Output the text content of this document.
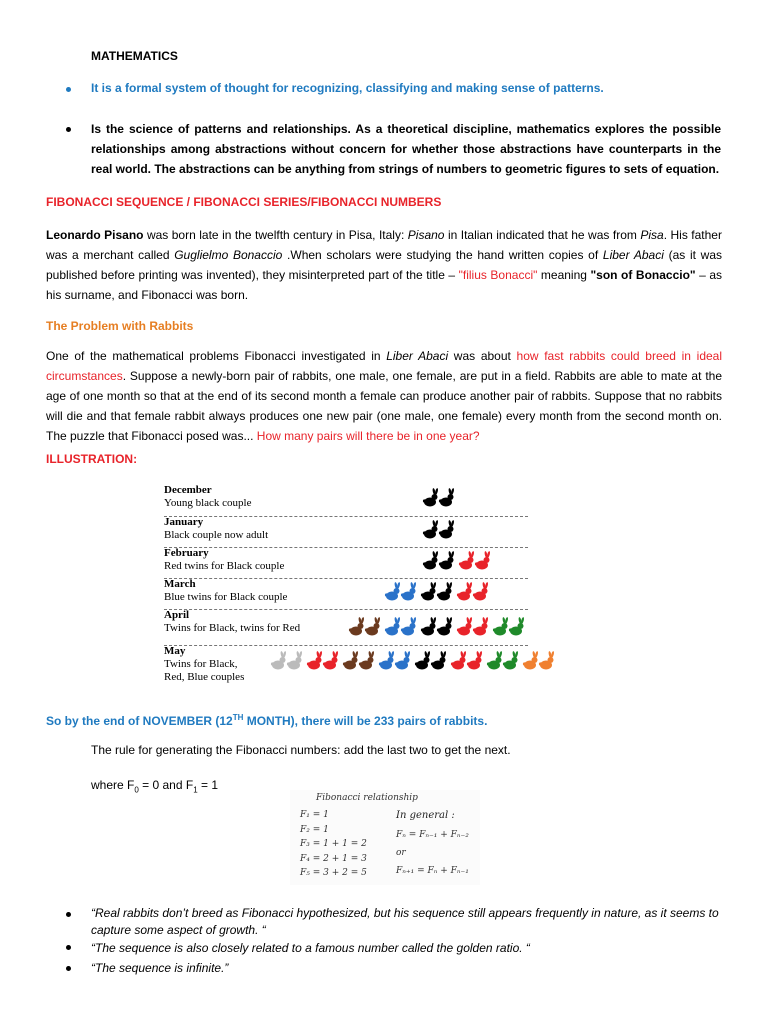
MATHEMATICS
It is a formal system of thought for recognizing, classifying and making sense of patterns.
Is the science of patterns and relationships. As a theoretical discipline, mathematics explores the possible relationships among abstractions without concern for whether those abstractions have counterparts in the real world. The abstractions can be anything from strings of numbers to geometric figures to sets of equation.
FIBONACCI SEQUENCE / FIBONACCI SERIES/FIBONACCI NUMBERS

Leonardo Pisano was born late in the twelfth century in Pisa, Italy: Pisano in Italian indicated that he was from Pisa. His father was a merchant called Guglielmo Bonaccio .When scholars were studying the hand written copies of Liber Abaci (as it was published before printing was invented), they misinterpreted part of the title – "filius Bonacci" meaning "son of Bonaccio" – as his surname, and Fibonacci was born.

The Problem with Rabbits

One of the mathematical problems Fibonacci investigated in Liber Abaci was about how fast rabbits could breed in ideal circumstances. Suppose a newly-born pair of rabbits, one male, one female, are put in a field. Rabbits are able to mate at the age of one month so that at the end of its second month a female can produce another pair of rabbits. Suppose that no rabbits will die and that female rabbit always produces one new pair (one male, one female) every month from the second month on. The puzzle that Fibonacci posed was... How many pairs will there be in one year?

ILLUSTRATION:
December
Young black couple
January
Black couple now adult
February
Red twins for Black couple
March
Blue twins for Black couple
April
Twins for Black, twins for Red
May
Twins for Black,
Red, Blue couples
So by the end of NOVEMBER (12TH MONTH), there will be 233 pairs of rabbits.
The rule for generating the Fibonacci numbers: add the last two to get the next.
where $F_0 = 0$ and $F_1 = 1$
Fibonacci relationship
F₁ = 1
F₂ = 1
F₃ = 1 + 1 = 2
F₄ = 2 + 1 = 3
F₅ = 3 + 2 = 5
In general :
Fₙ = Fₙ₋₁ + Fₙ₋₂
or
Fₙ₊₁ = Fₙ + Fₙ₋₁
“Real rabbits don’t breed as Fibonacci hypothesized, but his sequence still appears frequently in nature, as it seems to capture some aspect of growth. “
“The sequence is also closely related to a famous number called the golden ratio. “
“The sequence is infinite.”
